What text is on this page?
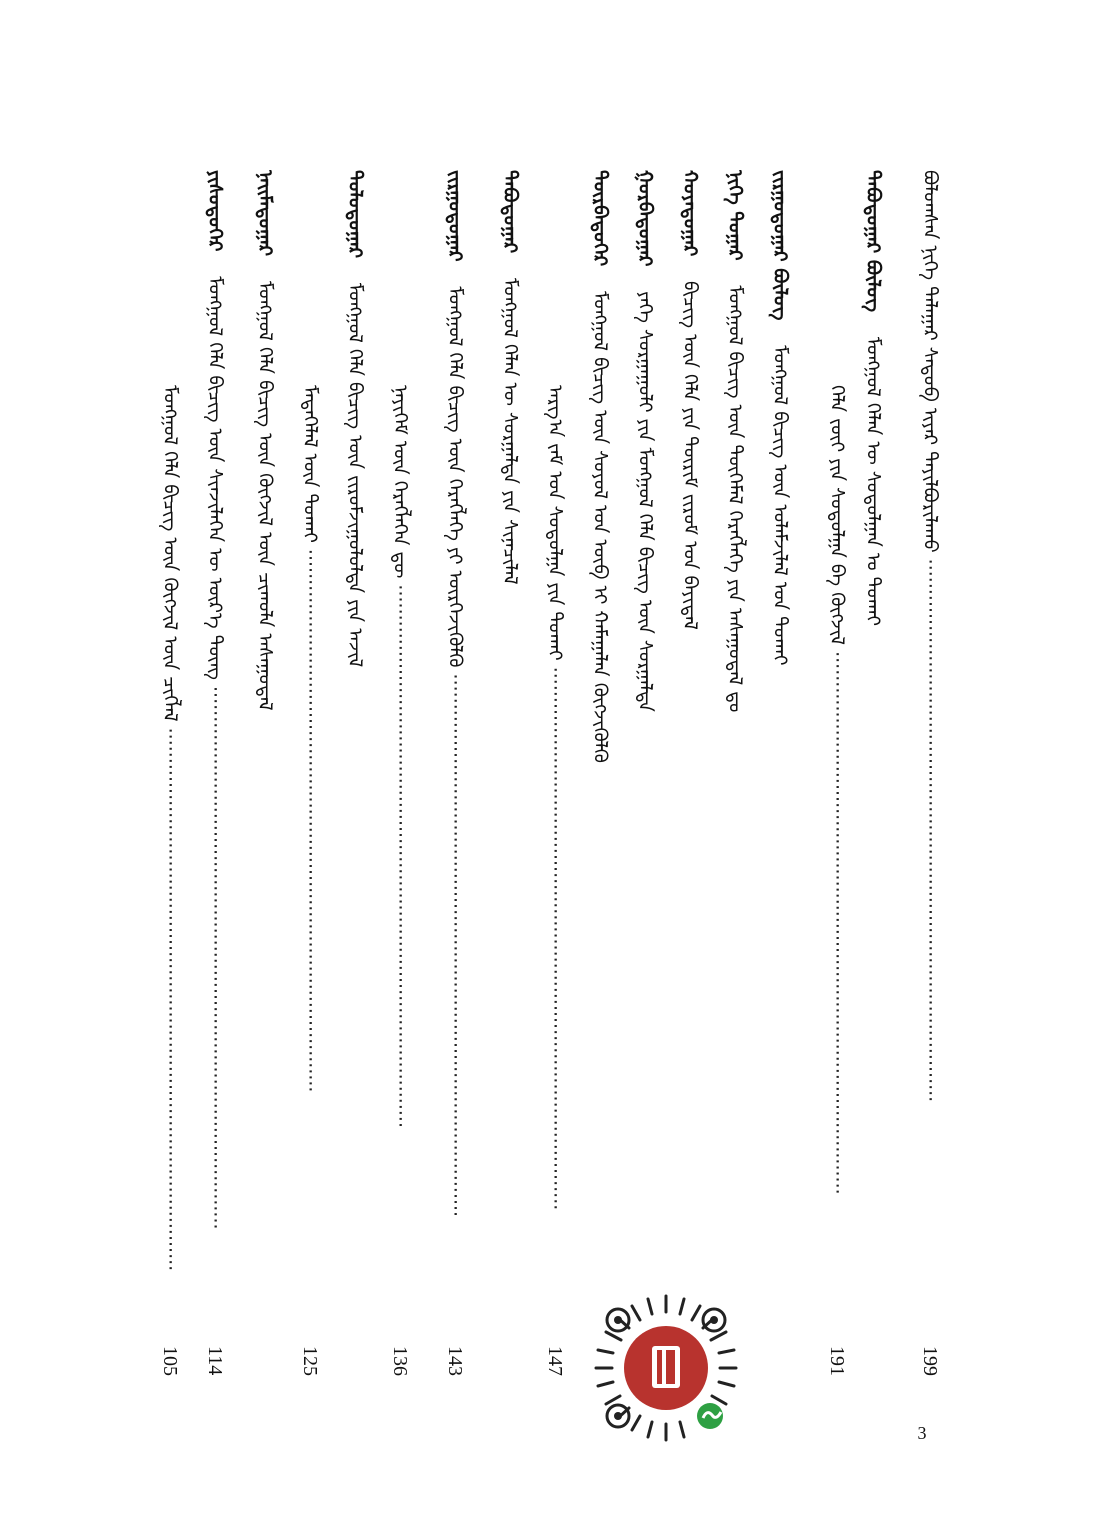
ᠪᠣᠯᠤᠭᠰᠠᠨ ᠨᠢᠭᠡ ᠲᠠᠯᠠᠭᠠᠷ ᠰᠡᠳᠦᠪ ᠢᠶᠡᠷ ᠲᠠᠶᠢᠯᠪᠤᠷᠢᠯᠠᠬᠤ ··························································································
199
ᠲᠠᠪᠤᠳᠤᠭᠠᠷ ᠪᠦᠯᠦᠭ ᠮᠣᠩᠭᠣᠯ ᠬᠡᠯᠡᠨ ᠦ ᠰᠤᠳᠤᠯᠭᠠᠨ ᠤ ᠲᠤᠬᠠᠢ
ᠬᠡᠯᠡ ᠵᠦᠢ ᠶᠢᠨ ᠰᠤᠳᠤᠯᠭᠠ ᠪᠠ ᠬᠥᠭᠵᠢᠯ ··························································································
191
ᠵᠢᠷᠭᠤᠳᠤᠭᠠᠷ ᠪᠦᠯᠦᠭ ᠮᠣᠩᠭᠣᠯ ᠪᠢᠴᠢᠭ ᠦᠨ ᠤᠯᠠᠮᠵᠢᠯᠠᠯ ᠤᠨ ᠲᠤᠬᠠᠢ
ᠨᠢᠭᠡ ᠳᠤᠭᠠᠷ ᠮᠣᠩᠭᠣᠯ ᠪᠢᠴᠢᠭ ᠦᠨ ᠲᠦᠭᠡᠮᠡᠯ ᠬᠡᠷᠡᠭᠯᠡᠭᠡ ᠶᠢᠨ ᠠᠰᠠᠭᠤᠳᠠᠯ ᠳᠤ
ᠬᠣᠶᠠᠳᠤᠭᠠᠷ ᠪᠢᠴᠢᠭ ᠦᠨ ᠬᠡᠯᠡ ᠶᠢᠨ ᠳᠦᠷᠢᠮ ᠵᠢᠷᠤᠮ ᠤᠨ ᠪᠠᠶᠢᠳᠠᠯ
ᠭᠤᠷᠪᠠᠳᠤᠭᠠᠷ ᠶᠡᠬᠡ ᠰᠤᠷᠭᠠᠭᠤᠯᠢ ᠶᠢᠨ ᠮᠣᠩᠭᠣᠯ ᠬᠡᠯᠡ ᠪᠢᠴᠢᠭ ᠦᠨ ᠰᠤᠷᠭᠠᠯᠲᠠ
ᠳᠥᠷᠪᠡᠳᠦᠭᠡᠷ ᠮᠣᠩᠭᠣᠯ ᠪᠢᠴᠢᠭ ᠦᠨ ᠰᠣᠶᠣᠯ ᠤᠨ ᠥᠪ ᠢ ᠬᠠᠮᠠᠭᠠᠯᠠᠨ ᠬᠥᠭᠵᠢᠭᠦᠯᠬᠦ
ᠠᠷᠭ᠎ᠠ ᠵᠠᠮ ᠤᠨ ᠰᠤᠳᠤᠯᠭᠠ ᠶᠢᠨ ᠲᠤᠬᠠᠢ ··························································································
147
ᠲᠠᠪᠤᠳᠤᠭᠠᠷ ᠮᠣᠩᠭᠣᠯ ᠬᠡᠯᠡᠨ ᠦ ᠰᠤᠷᠭᠠᠯᠲᠠ ᠶᠢᠨ ᠰᠢᠨᠡᠴᠢᠯᠡᠯ
ᠵᠢᠷᠭᠤᠳᠤᠭᠠᠷ ᠮᠣᠩᠭᠣᠯ ᠬᠡᠯᠡ ᠪᠢᠴᠢᠭ ᠦᠨ ᠬᠡᠷᠡᠭᠯᠡᠭᠡ ᠶᠢ ᠥᠷᠭᠡᠵᠢᠭᠦᠯᠬᠦ ··························································································
143
ᠨᠡᠶᠢᠭᠡᠮ ᠦᠨ ᠬᠡᠷᠡᠭᠯᠡᠭᠡᠨ ᠳᠦ ··························································································
136
ᠳᠣᠯᠣᠳᠤᠭᠠᠷ ᠮᠣᠩᠭᠣᠯ ᠬᠡᠯᠡ ᠪᠢᠴᠢᠭ ᠦᠨ ᠵᠢᠷᠤᠮᠵᠢᠭᠤᠯᠤᠯᠲᠠ ᠶᠢᠨ ᠠᠵᠢᠯ
ᠮᠡᠳᠡᠭᠡᠯᠡᠯ ᠦᠨ ᠲᠤᠬᠠᠢ ··························································································
125
ᠨᠠᠢᠮᠠᠳᠤᠭᠠᠷ ᠮᠣᠩᠭᠣᠯ ᠬᠡᠯᠡ ᠪᠢᠴᠢᠭ ᠦᠨ ᠬᠥᠭᠵᠢᠯ ᠦᠨ ᠴᠢᠬᠤᠯᠠ ᠠᠰᠠᠭᠤᠳᠠᠯ
ᠶᠢᠰᠦᠳᠦᠭᠡᠷ ᠮᠣᠩᠭᠣᠯ ᠬᠡᠯᠡ ᠪᠢᠴᠢᠭ ᠦᠨ ᠰᠢᠨᠵᠢᠯᠡᠭᠡᠨ ᠦ ᠦᠷ᠎ᠡ ᠳᠦᠩ ··························································································
114
ᠮᠣᠩᠭᠣᠯ ᠬᠡᠯᠡ ᠪᠢᠴᠢᠭ ᠦᠨ ᠬᠥᠭᠵᠢᠯ ᠦᠨ ᠴᠢᠭᠯᠡᠯ ··························································································
105
3
